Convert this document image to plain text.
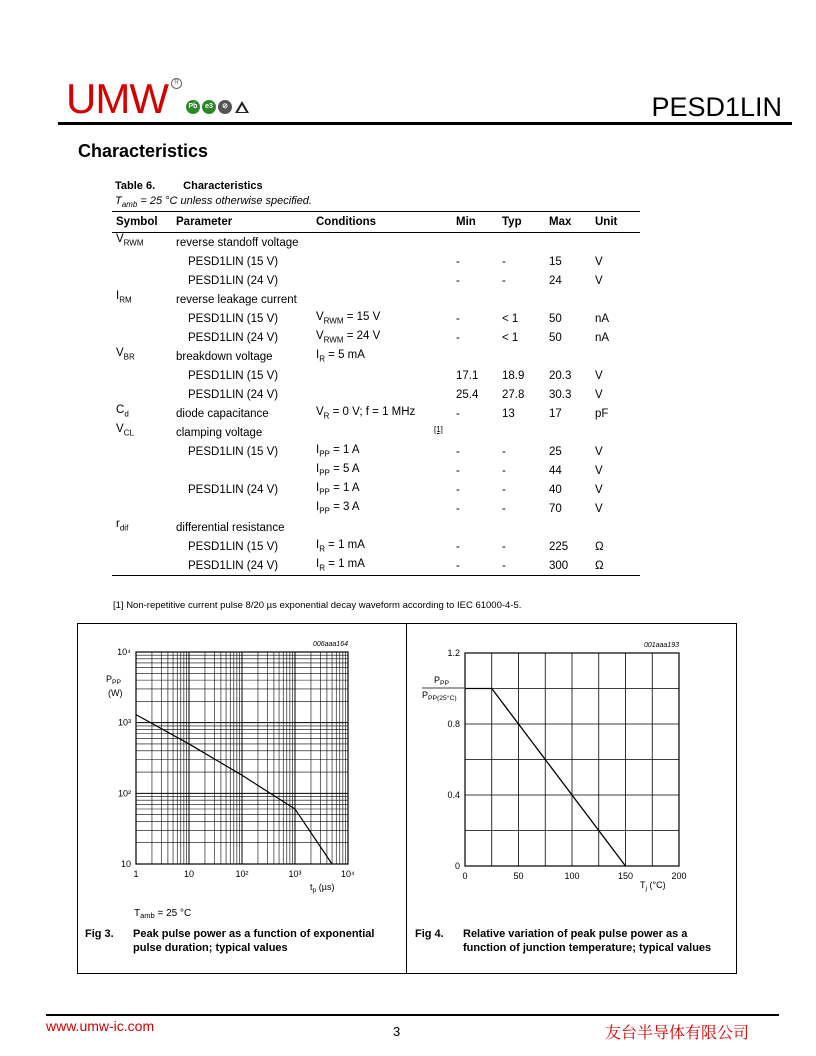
UMW	R
Pb	e3	⊘	PESD1LIN
Characteristics
Table 6.	Characteristics
$T_{amb} = 25$ °C unless otherwise specified.
Symbol	Parameter	Conditions	Min	Typ	Max	Unit
$V_{RWM}$	reverse standoff voltage					
	PESD1LIN (15 V)		-	-	15	V
	PESD1LIN (24 V)		-	-	24	V
$I_{RM}$	reverse leakage current					
	PESD1LIN (15 V)	$V_{RWM} = 15$ V	-	< 1	50	nA
	PESD1LIN (24 V)	$V_{RWM} = 24$ V	-	< 1	50	nA
$V_{BR}$	breakdown voltage	$I_R = 5$ mA				
	PESD1LIN (15 V)		17.1	18.9	20.3	V
	PESD1LIN (24 V)		25.4	27.8	30.3	V
$C_d$	diode capacitance	$V_R = 0$ V; f = 1 MHz	-	13	17	pF
$V_{CL}$	clamping voltage	[1]				
	PESD1LIN (15 V)	$I_{PP} = 1$ A	-	-	25	V
		$I_{PP} = 5$ A	-	-	44	V
	PESD1LIN (24 V)	$I_{PP} = 1$ A	-	-	40	V
		$I_{PP} = 3$ A	-	-	70	V
$r_{dif}$	differential resistance					
	PESD1LIN (15 V)	$I_R = 1$ mA	-	-	225	Ω
	PESD1LIN (24 V)	$I_R = 1$ mA	-	-	300	Ω
[1] Non-repetitive current pulse 8/20 µs exponential decay waveform according to IEC 61000-4-5.
1	10	10²	10³	10⁴
10
10²
10³
10⁴
006aaa164
$P_{PP}$
(W)
$t_p$ (µs)
$T_{amb} = 25$ °C
0	50	100	150	200
0
0.4
0.8
1.2
001aaa193
$P_{PP}$
$P_{PP(25^\circ C)}$
$T_j$ (°C)
Fig 3. Peak pulse power as a function of exponential pulse duration; typical values
Fig 4. Relative variation of peak pulse power as a function of junction temperature; typical values
www.umw-ic.com	3	友台半导体有限公司
